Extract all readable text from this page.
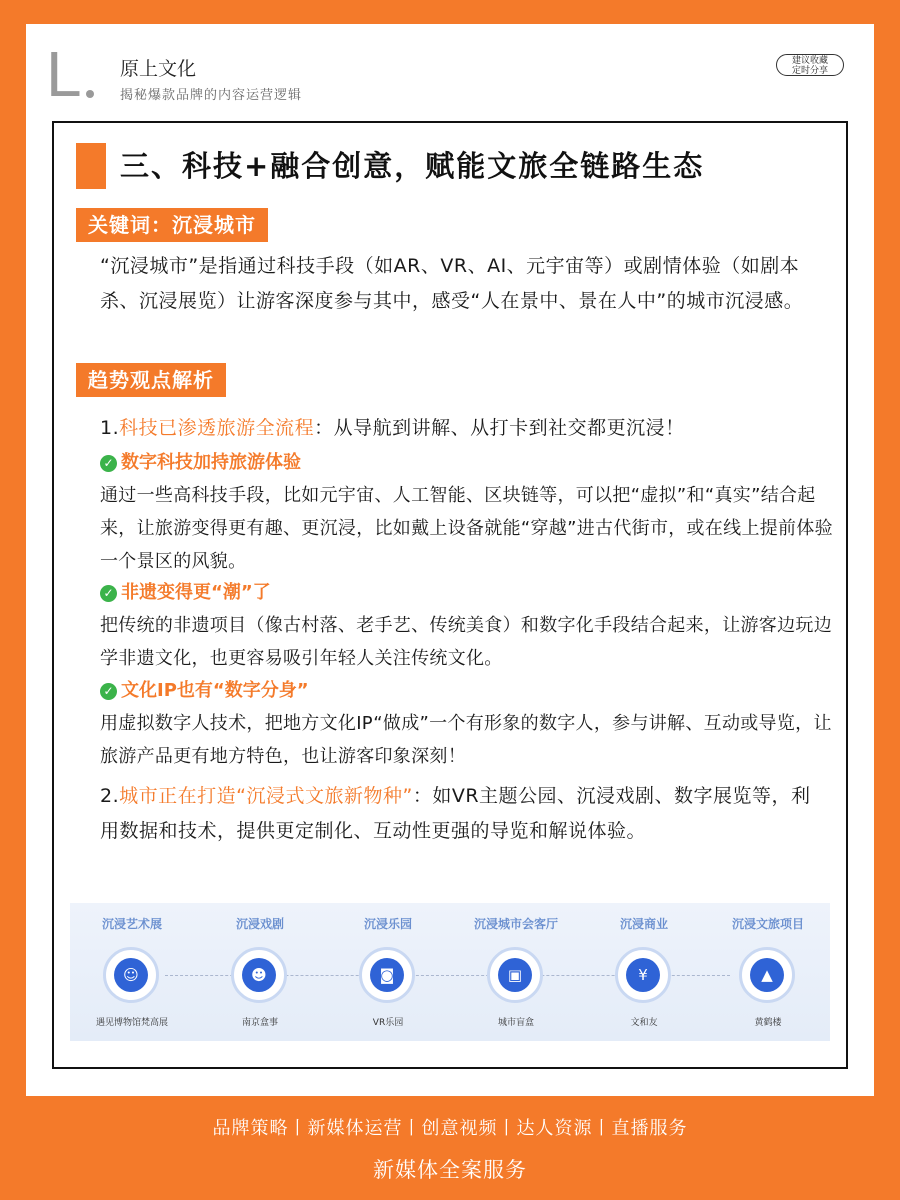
L 原上文化
揭秘爆款品牌的内容运营逻辑
建议收藏
定时分享
三、科技+融合创意，赋能文旅全链路生态
关键词：沉浸城市
“沉浸城市”是指通过科技手段（如AR、VR、AI、元宇宙等）或剧情体验（如剧本杀、沉浸展览）让游客深度参与其中，感受“人在景中、景在人中”的城市沉浸感。
趋势观点解析
1.科技已渗透旅游全流程：从导航到讲解、从打卡到社交都更沉浸！
✓ 数字科技加持旅游体验
通过一些高科技手段，比如元宇宙、人工智能、区块链等，可以把“虚拟”和“真实”结合起来，让旅游变得更有趣、更沉浸，比如戴上设备就能“穿越”进古代街市，或在线上提前体验一个景区的风貌。
✓ 非遗变得更“潮”了
把传统的非遗项目（像古村落、老手艺、传统美食）和数字化手段结合起来，让游客边玩边学非遗文化，也更容易吸引年轻人关注传统文化。
✓ 文化IP也有“数字分身”
用虚拟数字人技术，把地方文化IP“做成”一个有形象的数字人，参与讲解、互动或导览，让旅游产品更有地方特色，也让游客印象深刻！
2.城市正在打造“沉浸式文旅新物种”：如VR主题公园、沉浸戏剧、数字展览等，利用数据和技术，提供更定制化、互动性更强的导览和解说体验。
沉浸艺术展
☺
遇见博物馆梵高展
沉浸戏剧
☻
南京盒事
沉浸乐园
◙
VR乐园
沉浸城市会客厅
▣
城市盲盒
沉浸商业
¥
文和友
沉浸文旅项目
▲
黄鹤楼
品牌策略丨新媒体运营丨创意视频丨达人资源丨直播服务
新媒体全案服务
